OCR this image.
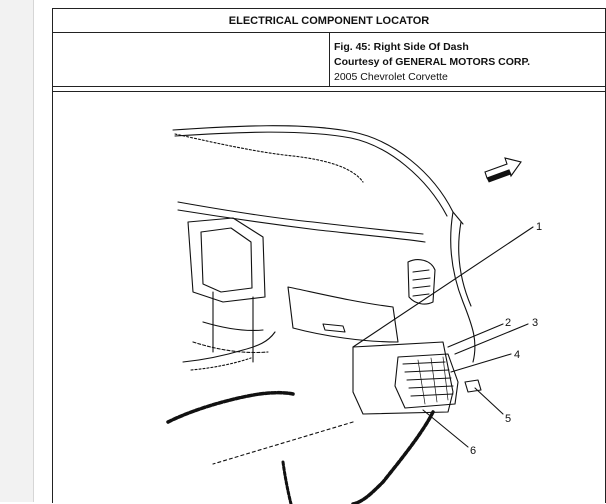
ELECTRICAL COMPONENT LOCATOR
Fig. 45: Right Side Of Dash
Courtesy of GENERAL MOTORS CORP.
2005 Chevrolet Corvette
1
2 3
4
5
6
